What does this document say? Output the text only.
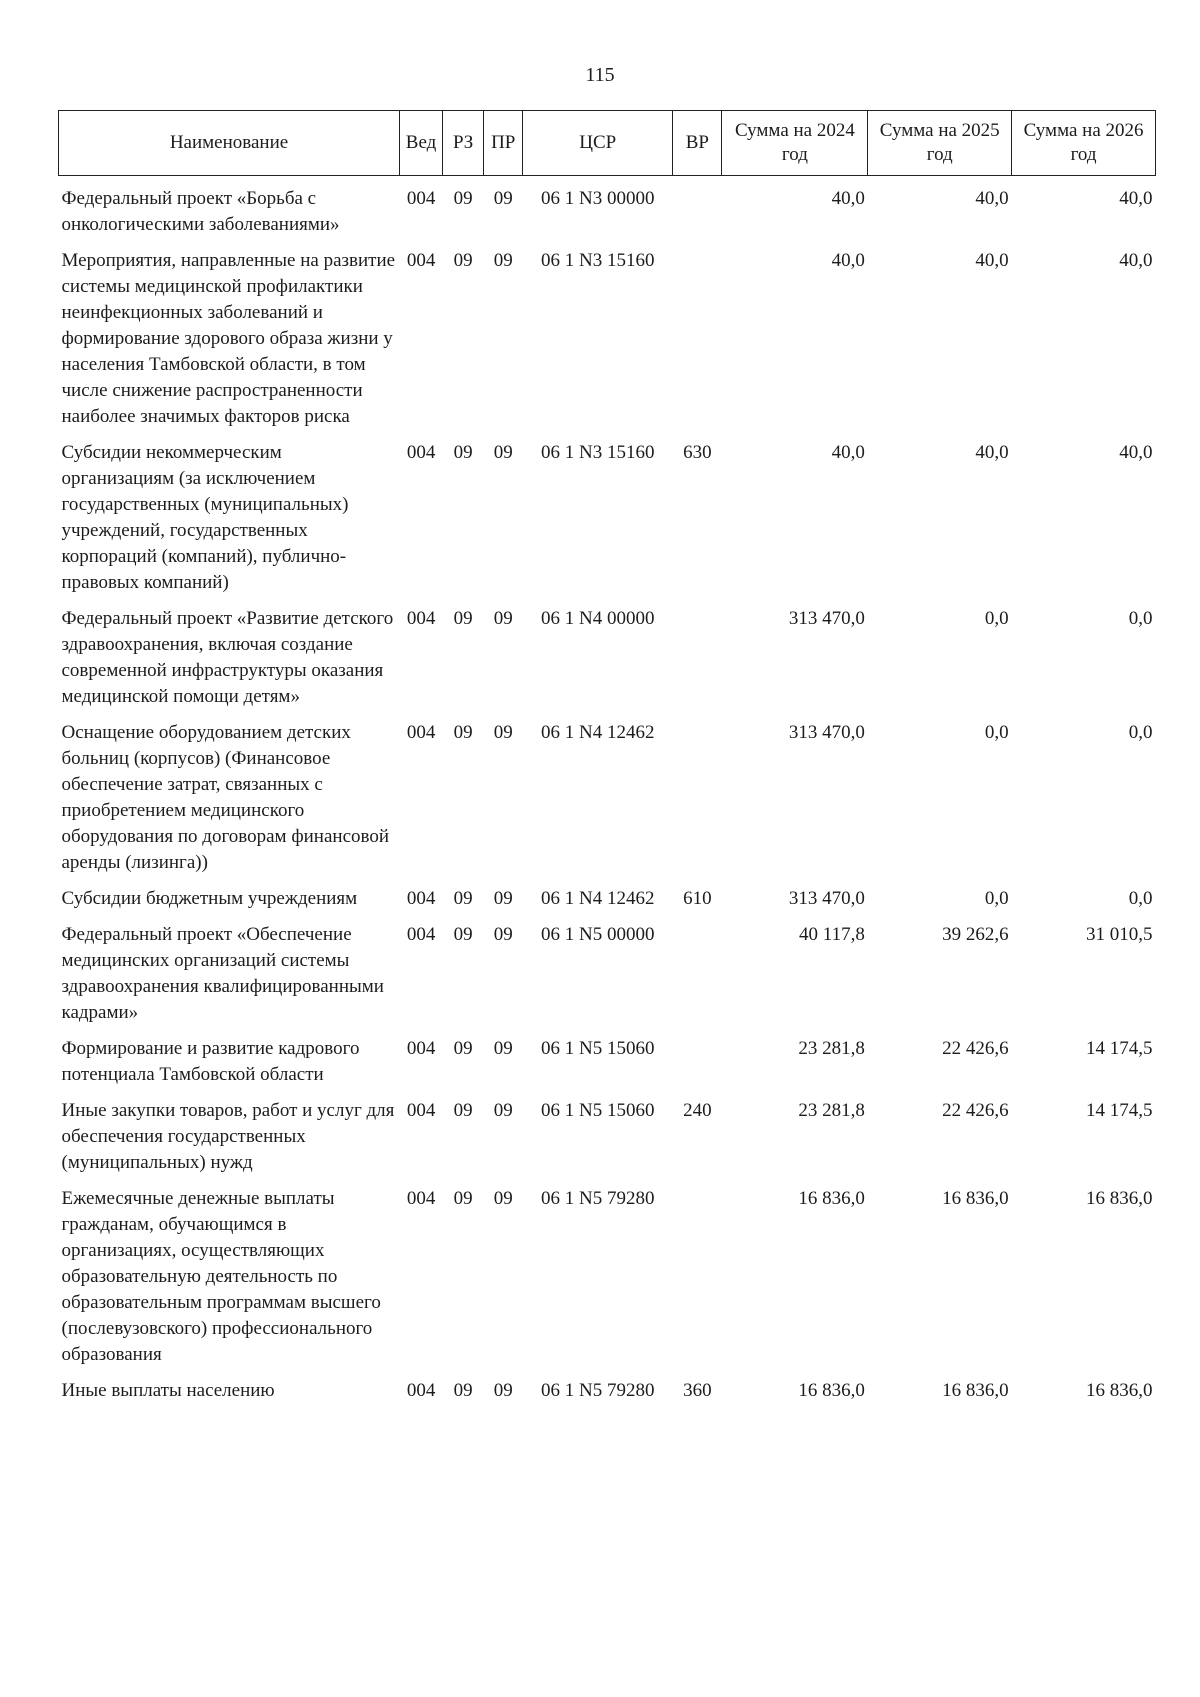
115
Наименование	Вед	РЗ	ПР	ЦСР	ВР	Сумма на 2024 год	Сумма на 2025 год	Сумма на 2026 год
Федеральный проект «Борьба с онкологическими заболеваниями»	004	09	09	06 1 N3 00000		40,0	40,0	40,0
Мероприятия, направленные на развитие системы медицинской профилактики неинфекционных заболеваний и формирование здорового образа жизни у населения Тамбовской области, в том числе снижение распространенности наиболее значимых факторов риска	004	09	09	06 1 N3 15160		40,0	40,0	40,0
Субсидии некоммерческим организациям (за исключением государственных (муниципальных) учреждений, государственных корпораций (компаний), публично-правовых компаний)	004	09	09	06 1 N3 15160	630	40,0	40,0	40,0
Федеральный проект «Развитие детского здравоохранения, включая создание современной инфраструктуры оказания медицинской помощи детям»	004	09	09	06 1 N4 00000		313 470,0	0,0	0,0
Оснащение оборудованием детских больниц (корпусов) (Финансовое обеспечение затрат, связанных с приобретением медицинского оборудования по договорам финансовой аренды (лизинга))	004	09	09	06 1 N4 12462		313 470,0	0,0	0,0
Субсидии бюджетным учреждениям	004	09	09	06 1 N4 12462	610	313 470,0	0,0	0,0
Федеральный проект «Обеспечение медицинских организаций системы здравоохранения квалифицированными кадрами»	004	09	09	06 1 N5 00000		40 117,8	39 262,6	31 010,5
Формирование и развитие кадрового потенциала Тамбовской области	004	09	09	06 1 N5 15060		23 281,8	22 426,6	14 174,5
Иные закупки товаров, работ и услуг для обеспечения государственных (муниципальных) нужд	004	09	09	06 1 N5 15060	240	23 281,8	22 426,6	14 174,5
Ежемесячные денежные выплаты гражданам, обучающимся в организациях, осуществляющих образовательную деятельность по образовательным программам высшего (послевузовского) профессионального образования	004	09	09	06 1 N5 79280		16 836,0	16 836,0	16 836,0
Иные выплаты населению	004	09	09	06 1 N5 79280	360	16 836,0	16 836,0	16 836,0
